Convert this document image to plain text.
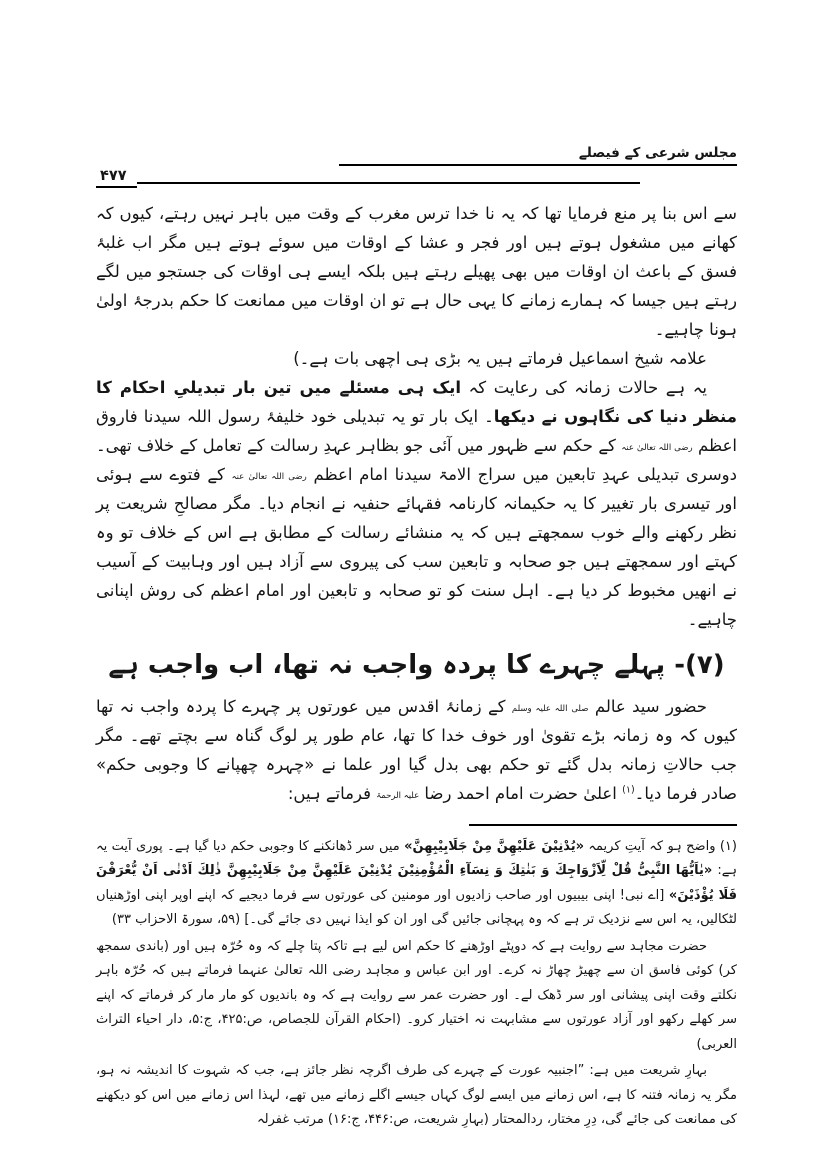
مجلس شرعی کے فیصلے
۴۷۷

سے اس بنا پر منع فرمایا تھا کہ یہ نا خدا ترس مغرب کے وقت میں باہر نہیں رہتے، کیوں کہ کھانے میں مشغول ہوتے ہیں اور فجر و عشا کے اوقات میں سوئے ہوتے ہیں مگر اب غلبۂ فسق کے باعث ان اوقات میں بھی پھیلے رہتے ہیں بلکہ ایسے ہی اوقات کی جستجو میں لگے رہتے ہیں جیسا کہ ہمارے زمانے کا یہی حال ہے تو ان اوقات میں ممانعت کا حکم بدرجۂ اولیٰ ہونا چاہیے۔

علامہ شیخ اسماعیل فرماتے ہیں یہ بڑی ہی اچھی بات ہے۔)

یہ ہے حالات زمانہ کی رعایت کہ ایک ہی مسئلے میں تین بار تبدیلیِ احکام کا منظر دنیا کی نگاہوں نے دیکھا۔ ایک بار تو یہ تبدیلی خود خلیفۂ رسول اللہ سیدنا فاروق اعظم رضی اللہ تعالیٰ عنہ کے حکم سے ظہور میں آئی جو بظاہر عہدِ رسالت کے تعامل کے خلاف تھی۔ دوسری تبدیلی عہدِ تابعین میں سراج الامۃ سیدنا امام اعظم رضی اللہ تعالیٰ عنہ کے فتوے سے ہوئی اور تیسری بار تغییر کا یہ حکیمانہ کارنامہ فقہائے حنفیہ نے انجام دیا۔ مگر مصالحِ شریعت پر نظر رکھنے والے خوب سمجھتے ہیں کہ یہ منشائے رسالت کے مطابق ہے اس کے خلاف تو وہ کہتے اور سمجھتے ہیں جو صحابہ و تابعین سب کی پیروی سے آزاد ہیں اور وہابیت کے آسیب نے انھیں مخبوط کر دیا ہے۔ اہل سنت کو تو صحابہ و تابعین اور امام اعظم کی روش اپنانی چاہیے۔

(۷)- پہلے چہرے کا پردہ واجب نہ تھا، اب واجب ہے

حضور سید عالم صلی اللہ علیہ وسلم کے زمانۂ اقدس میں عورتوں پر چہرے کا پردہ واجب نہ تھا کیوں کہ وہ زمانہ بڑے تقویٰ اور خوف خدا کا تھا، عام طور پر لوگ گناہ سے بچتے تھے۔ مگر جب حالاتِ زمانہ بدل گئے تو حکم بھی بدل گیا اور علما نے «چہرہ چھپانے کا وجوبی حکم» صادر فرما دیا۔$^{(۱)}$ اعلیٰ حضرت امام احمد رضا علیہ الرحمۃ فرماتے ہیں:

(۱) واضح ہو کہ آیتِ کریمہ «یُدْنِیْنَ عَلَیْهِنَّ مِنْ جَلَابِیْبِهِنَّ» میں سر ڈھانکنے کا وجوبی حکم دیا گیا ہے۔ پوری آیت یہ ہے: «یٰاَیُّهَا النَّبِیُّ قُلْ لِّاَزْوَاجِكَ وَ بَنٰتِكَ وَ نِسَآءِ الْمُؤْمِنِیْنَ یُدْنِیْنَ عَلَیْهِنَّ مِنْ جَلَابِیْبِهِنَّ ذٰلِكَ اَدْنٰى اَنْ یُّعْرَفْنَ فَلَا یُؤْذَیْنَ» [اے نبی! اپنی بیبیوں اور صاحب زادیوں اور مومنین کی عورتوں سے فرما دیجیے کہ اپنے اوپر اپنی اوڑھنیاں لٹکالیں، یہ اس سے نزدیک تر ہے کہ وہ پہچانی جائیں گی اور ان کو ایذا نہیں دی جائے گی۔] (۵۹، سورۃ الاحزاب ۳۳)

حضرت مجاہد سے روایت ہے کہ دوپٹے اوڑھنے کا حکم اس لیے ہے تاکہ پتا چلے کہ وہ حُرّہ ہیں اور (باندی سمجھ کر) کوئی فاسق ان سے چھیڑ چھاڑ نہ کرے۔ اور ابن عباس و مجاہد رضی اللہ تعالیٰ عنہما فرماتے ہیں کہ حُرّہ باہر نکلتے وقت اپنی پیشانی اور سر ڈھک لے۔ اور حضرت عمر سے روایت ہے کہ وہ باندیوں کو مار مار کر فرماتے کہ اپنے سر کھلے رکھو اور آزاد عورتوں سے مشابہت نہ اختیار کرو۔ (احکام القرآن للجصاص، ص:۴۲۵، ج:۵، دار احیاء التراث العربی)

بہارِ شریعت میں ہے: ”اجنبیہ عورت کے چہرے کی طرف اگرچہ نظر جائز ہے، جب کہ شہوت کا اندیشہ نہ ہو، مگر یہ زمانہ فتنہ کا ہے، اس زمانے میں ایسے لوگ کہاں جیسے اگلے زمانے میں تھے، لہذا اس زمانے میں اس کو دیکھنے کی ممانعت کی جائے گی، دِرِ مختار، ردالمحتار (بہارِ شریعت، ص:۴۴۶، ج:۱۶) مرتب غفرلہ
